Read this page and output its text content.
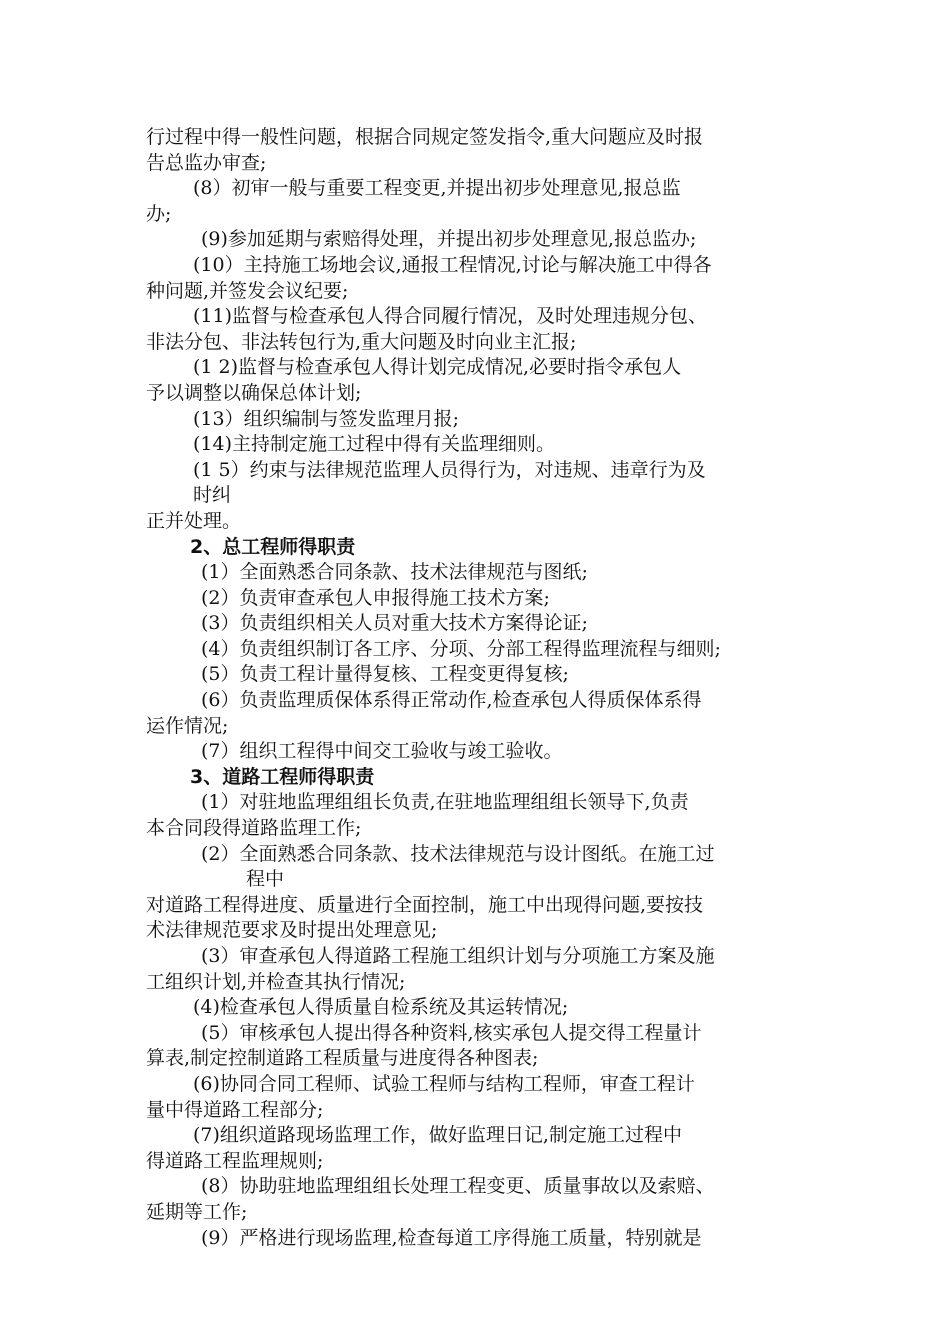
行过程中得一般性问题，根据合同规定签发指令,重大问题应及时报
告总监办审查;
(8）初审一般与重要工程变更,并提出初步处理意见,报总监
办;
(9)参加延期与索赔得处理，并提出初步处理意见,报总监办;
(10）主持施工场地会议,通报工程情况,讨论与解决施工中得各
种问题,并签发会议纪要;
(11)监督与检查承包人得合同履行情况，及时处理违规分包、
非法分包、非法转包行为,重大问题及时向业主汇报;
(1 2)监督与检查承包人得计划完成情况,必要时指令承包人
予以调整以确保总体计划;
(13）组织编制与签发监理月报;
(14)主持制定施工过程中得有关监理细则。
(1 5）约束与法律规范监理人员得行为，对违规、违章行为及
时纠
正并处理。
2、总工程师得职责
(1）全面熟悉合同条款、技术法律规范与图纸;
(2）负责审查承包人申报得施工技术方案;
(3）负责组织相关人员对重大技术方案得论证;
(4）负责组织制订各工序、分项、分部工程得监理流程与细则;
(5）负责工程计量得复核、工程变更得复核;
(6）负责监理质保体系得正常动作,检查承包人得质保体系得
运作情况;
(7）组织工程得中间交工验收与竣工验收。
3、道路工程师得职责
(1）对驻地监理组组长负责,在驻地监理组组长领导下,负责
本合同段得道路监理工作;
(2）全面熟悉合同条款、技术法律规范与设计图纸。在施工过
程中
对道路工程得进度、质量进行全面控制，施工中出现得问题,要按技
术法律规范要求及时提出处理意见;
(3）审查承包人得道路工程施工组织计划与分项施工方案及施
工组织计划,并检查其执行情况;
(4)检查承包人得质量自检系统及其运转情况;
(5）审核承包人提出得各种资料,核实承包人提交得工程量计
算表,制定控制道路工程质量与进度得各种图表;
(6)协同合同工程师、试验工程师与结构工程师，审查工程计
量中得道路工程部分;
(7)组织道路现场监理工作，做好监理日记,制定施工过程中
得道路工程监理规则;
(8）协助驻地监理组组长处理工程变更、质量事故以及索赔、
延期等工作;
(9）严格进行现场监理,检查每道工序得施工质量，特别就是
